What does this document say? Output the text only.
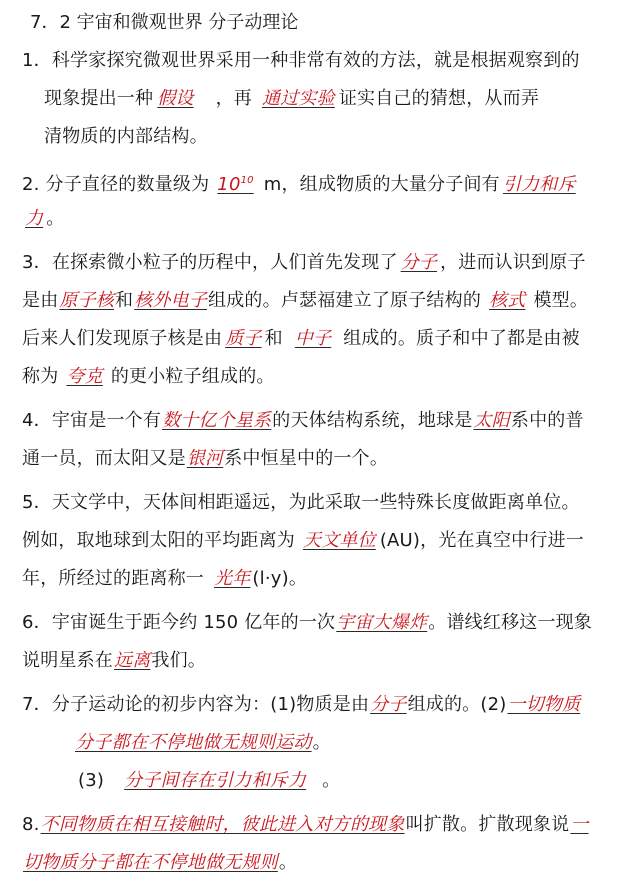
7．2 宇宙和微观世界 分子动理论
1．科学家探究微观世界采用一种非常有效的方法，就是根据观察到的
现象提出一种 假设 ，再 通过实验 证实自己的猜想，从而弄
清物质的内部结构。
2. 分子直径的数量级为 $10^{10}$ m，组成物质的大量分子间有 引力和斥
力 。
3．在探索微小粒子的历程中，人们首先发现了 分子 ，进而认识到原子
是由原子核和核外电子组成的。卢瑟福建立了原子结构的 核式 模型。
后来人们发现原子核是由 质子 和 中子 组成的。质子和中了都是由被
称为 夸克 的更小粒子组成的。
4．宇宙是一个有数十亿个星系的天体结构系统，地球是太阳系中的普
通一员，而太阳又是银河系中恒星中的一个。
5．天文学中，天体间相距遥远，为此采取一些特殊长度做距离单位。
例如，取地球到太阳的平均距离为 天文单位 (AU)，光在真空中行进一
年，所经过的距离称一 光年 (l·y)。
6．宇宙诞生于距今约 150 亿年的一次宇宙大爆炸。谱线红移这一现象
说明星系在远离我们。
7．分子运动论的初步内容为：(1)物质是由分子组成的。(2)一切物质
分子都在不停地做无规则运动。
(3) 分子间存在引力和斥力 。
8.不同物质在相互接触时，彼此进入对方的现象叫扩散。扩散现象说一
切物质分子都在不停地做无规则。
